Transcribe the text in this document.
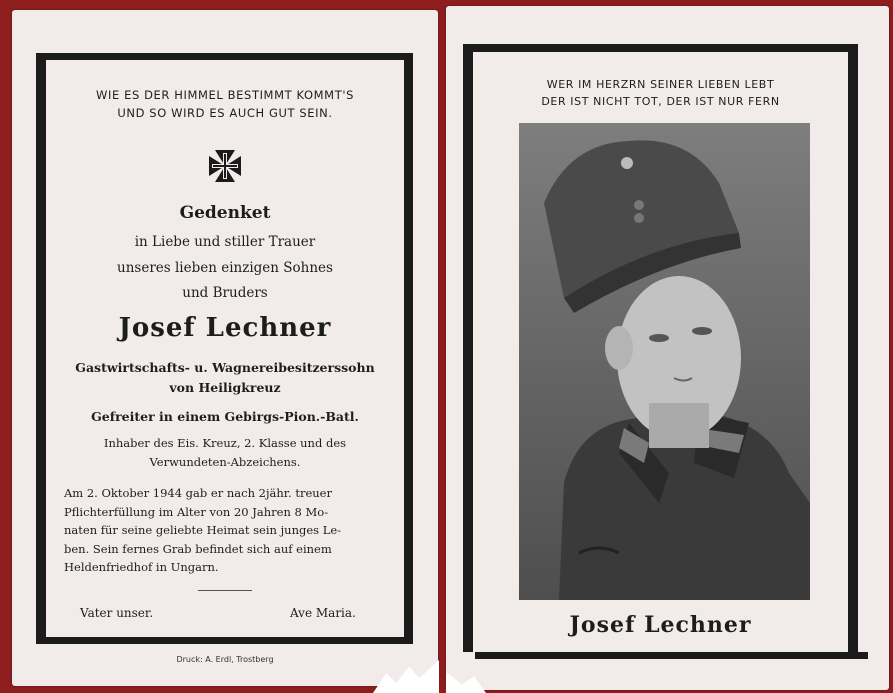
WIE ES DER HIMMEL BESTIMMT KOMMT'S
UND SO WIRD ES AUCH GUT SEIN.
Gedenket
in Liebe und stiller Trauer
unseres lieben einzigen Sohnes
und Bruders
Josef Lechner
Gastwirtschafts- u. Wagnereibesitzerssohn
von Heiligkreuz
Gefreiter in einem Gebirgs-Pion.-Batl.
Inhaber des Eis. Kreuz, 2. Klasse und des
Verwundeten-Abzeichens.
Am 2. Oktober 1944 gab er nach 2jähr. treuer
Pflichterfüllung im Alter von 20 Jahren 8 Mo-
naten für seine geliebte Heimat sein junges Le-
ben. Sein fernes Grab befindet sich auf einem
Heldenfriedhof in Ungarn.
Vater unser.	Ave Maria.
Druck: A. Erdl, Trostberg
WER IM HERZRN SEINER LIEBEN LEBT
DER IST NICHT TOT, DER IST NUR FERN
Josef Lechner
